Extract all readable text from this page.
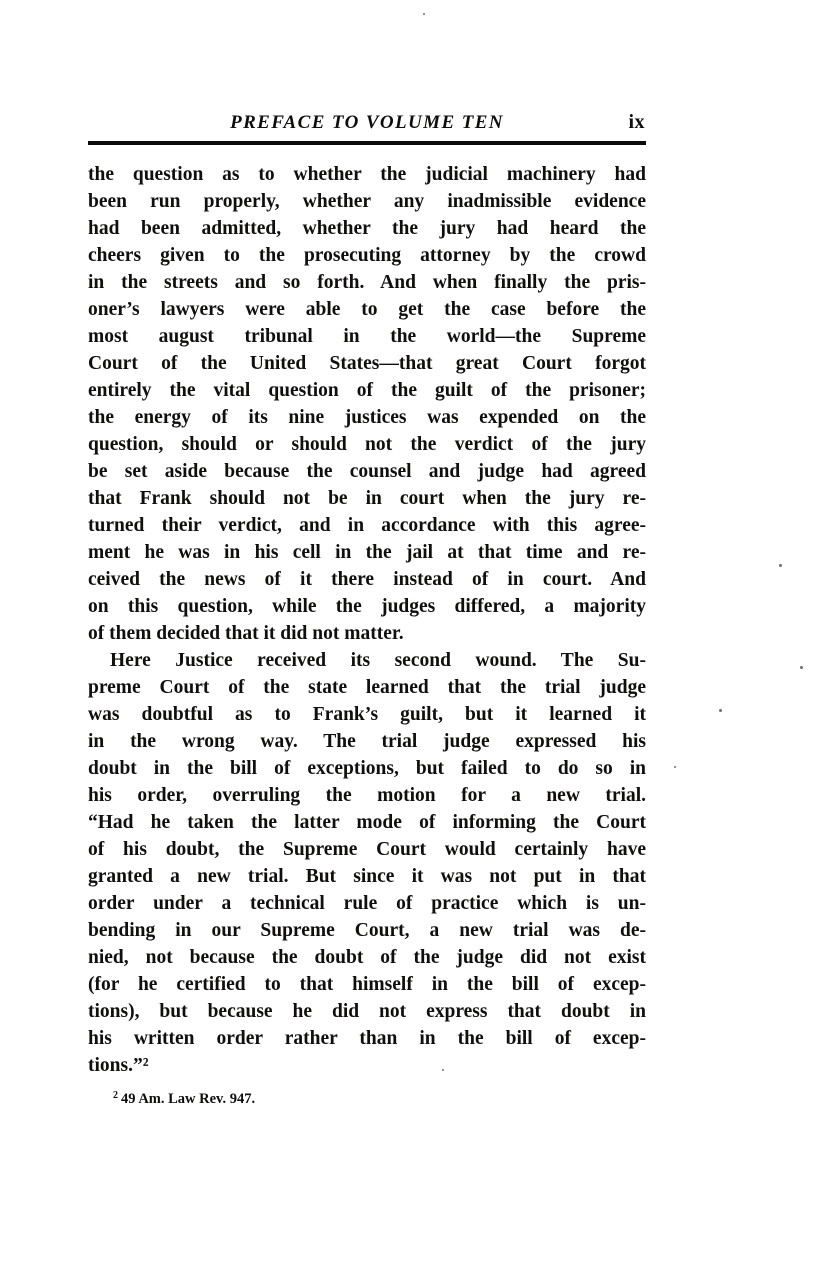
PREFACE TO VOLUME TEN	ix
the question as to whether the judicial machinery had
been run properly, whether any inadmissible evidence
had been admitted, whether the jury had heard the
cheers given to the prosecuting attorney by the crowd
in the streets and so forth. And when finally the pris-
oner’s lawyers were able to get the case before the
most august tribunal in the world—the Supreme
Court of the United States—that great Court forgot
entirely the vital question of the guilt of the prisoner;
the energy of its nine justices was expended on the
question, should or should not the verdict of the jury
be set aside because the counsel and judge had agreed
that Frank should not be in court when the jury re-
turned their verdict, and in accordance with this agree-
ment he was in his cell in the jail at that time and re-
ceived the news of it there instead of in court. And
on this question, while the judges differed, a majority
of them decided that it did not matter.
Here Justice received its second wound. The Su-
preme Court of the state learned that the trial judge
was doubtful as to Frank’s guilt, but it learned it
in the wrong way. The trial judge expressed his
doubt in the bill of exceptions, but failed to do so in
his order, overruling the motion for a new trial.
“Had he taken the latter mode of informing the Court
of his doubt, the Supreme Court would certainly have
granted a new trial. But since it was not put in that
order under a technical rule of practice which is un-
bending in our Supreme Court, a new trial was de-
nied, not because the doubt of the judge did not exist
(for he certified to that himself in the bill of excep-
tions), but because he did not express that doubt in
his written order rather than in the bill of excep-
tions.”²
$^2$ 49 Am. Law Rev. 947.
